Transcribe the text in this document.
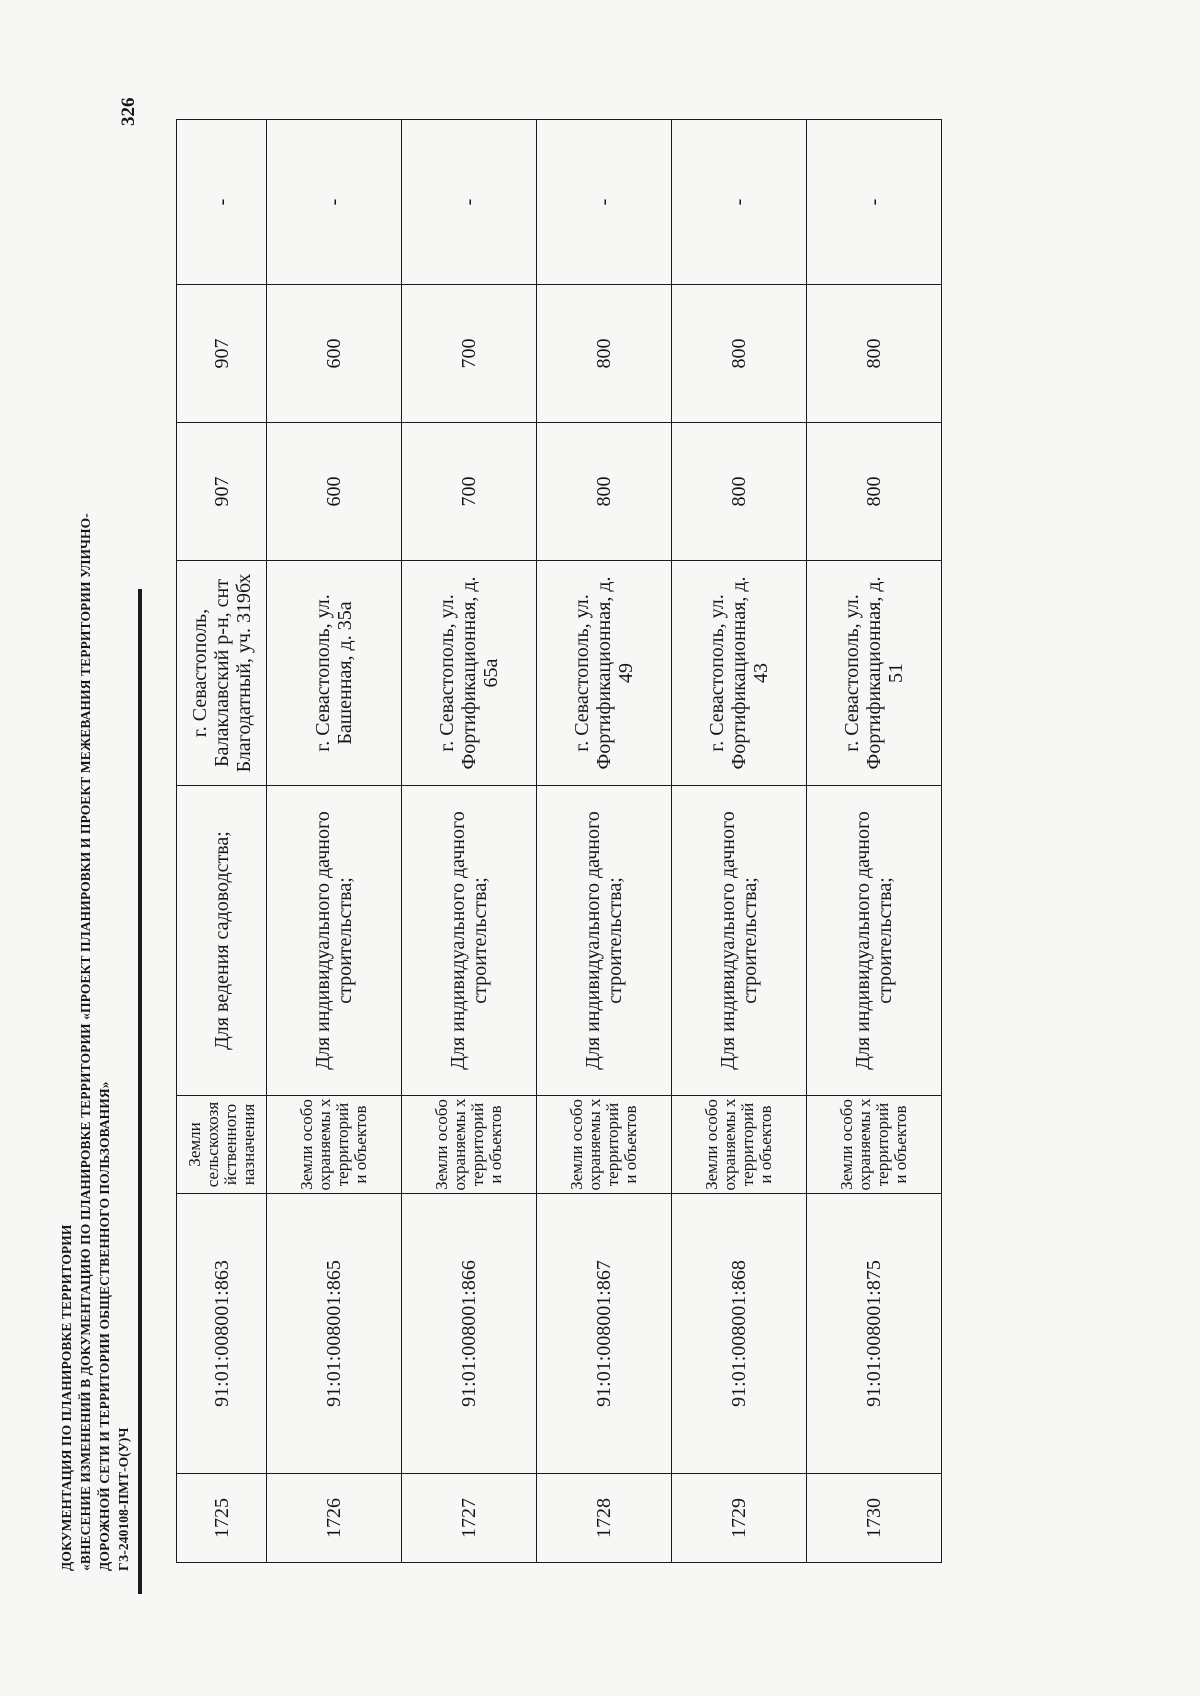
326
ДОКУМЕНТАЦИЯ ПО ПЛАНИРОВКЕ ТЕРРИТОРИИ «ВНЕСЕНИЕ ИЗМЕНЕНИЙ В ДОКУМЕНТАЦИЮ ПО ПЛАНИРОВКЕ ТЕРРИТОРИИ «ПРОЕКТ ПЛАНИРОВКИ И ПРОЕКТ МЕЖЕВАНИЯ ТЕРРИТОРИИ УЛИЧНО- ДОРОЖНОЙ СЕТИ И ТЕРРИТОРИИ ОБЩЕСТВЕННОГО ПОЛЬЗОВАНИЯ» ГЗ-240108-ПМТ-О(У)Ч	1725	91:01:008001:863	Земли сельскохозя йственного назначения	Для ведения садоводства;	г. Севастополь, Балаклавский р-н, снт Благодатный, уч. 319бх	907	907	-
1726	91:01:008001:865	Земли особо охраняемы х территорий и объектов	Для индивидуального дачного строительства;	г. Севастополь, ул. Башенная, д. 35а	600	600	-
1727	91:01:008001:866	Земли особо охраняемы х территорий и объектов	Для индивидуального дачного строительства;	г. Севастополь, ул. Фортификационная, д. 65а	700	700	-
1728	91:01:008001:867	Земли особо охраняемы х территорий и объектов	Для индивидуального дачного строительства;	г. Севастополь, ул. Фортификационная, д. 49	800	800	-
1729	91:01:008001:868	Земли особо охраняемы х территорий и объектов	Для индивидуального дачного строительства;	г. Севастополь, ул. Фортификационная, д. 43	800	800	-
1730	91:01:008001:875	Земли особо охраняемы х территорий и объектов	Для индивидуального дачного строительства;	г. Севастополь, ул. Фортификационная, д. 51	800	800	-
